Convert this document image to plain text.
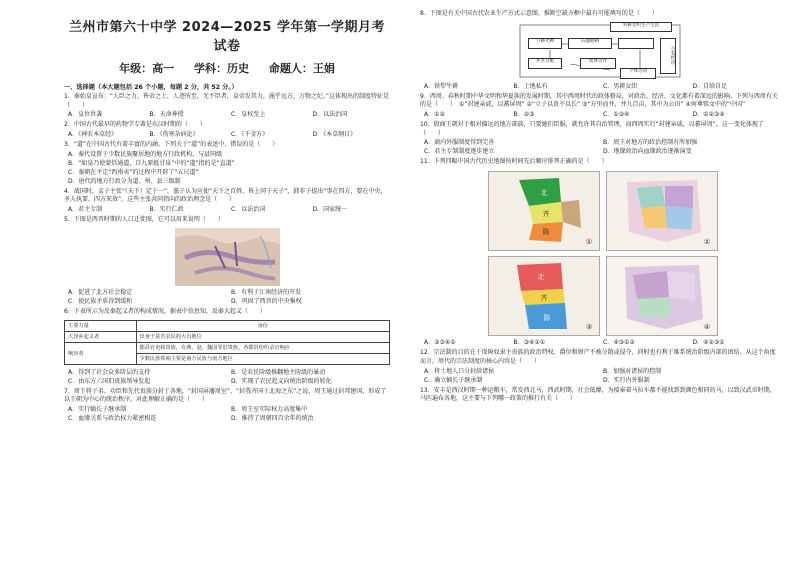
兰州市第六十中学 2024—2025 学年第一学期月考试卷
年级：高一 学科：历史 命题人：王娟
一、选择题（本大题包括 26 个小题，每题 2 分，共 52 分。）
1．秦始皇宣布：“人臣之力，皆帝之土，人迹所至，无不臣者，皇帝发其力，施乎远方，万物之纪。”这体现出的制度特征是（　　）
A．皇位世袭	B．天命神授	C．皇权至上	D．以法治国
2．中国古代最早的药物学专著是东汉时期的（　　）
A．《神农本草经》	B．《伤寒杂病论》	C．《千金方》	D．《本草纲目》
3．“道”在中国古代有着丰富的内涵。下列关于“道”的表述中，错误的是（　　）
A．秦代设置于少数民族聚居地的地方行政机构，与县同级
B．“如皇乃使蒙恬通道，自九原抵甘泉”中的“道”指的是“直道”
C．秦朝在平定“西南夷”的过程中开辟了“五尺道”
D．唐代的地方行政分为道、州、县三级制
4．战国时，孟子主张“（天下）定于一”，墨子认为应使“天下之百姓，皆上同于天子”，韩非子提出“事在四方，要在中央，圣人执要，四方来效”。这些主张共同指向的政治理念是（　　）
A．君主专制	B．实行仁政	C．以法治国	D．国家统一
5．下图是西晋时期的人口迁徙图，它可以用来说明（　　）
A．促进了北方社会稳定	B．有利于江南经济的开发
C．使民族矛盾得到缓和	D．巩固了西晋的中央集权
6．下表所示为反秦起义者的构成情况，据表中信息知，反秦大起义（　　）
主要力量	身份
大泽乡起义者	出身于贫苦农民的大有地位
响应者	郡县官吏和贵族，有燕、赵、魏国等旧贵族，各郡县纷纷杀官响应
	少数民族领袖主要是南方民族与南方地区
A．得到了社会众多阶层的支持	B．是农民阶级推翻地主阶级的暴动
C．由东方六国旧贵族领导发起	D．实现了农民起义向统治阶级的转化
7．周王将子弟、功臣和先代贵族分封于各地，“封国屏藩周室”，“封我齐国于北海之东”之说，周王通过封邦建国，形成了以王朝为中心的统治秩序，对此理解正确的是（　　）
A．实行嫡长子继承制	B．周王室实际权力高度集中
C．血缘关系与政治权力紧密相连	D．推持了周朝四百余年的统治
8．下图是有关中国古代农业生产方式示意图，推断空缺方框中最有可能填写的是（　　）
男耕女织生产生活
刀耕火种	石器锄耕
共享分配	集体劳作
个体劳动
小农经济
A．铁犁牛耕	B．土地私有	C．男耕女织	D．自给自足
9．西周、春秋时期中华文明和华夏族的发展时期，其中西周时代的政体格局，对政治、经济、文化都有着深远的影响。下列与西周有关的是（　　）　①“封建亲戚，以蕃屏周” ②“立子以贵不以长” ③“方里而井，井九百亩，其中为公田” ④何尊铭文中的“中国”
A．①②	B．②③	C．①③④	D．①②③④
10．殷商王朝对于相对偏远的地方部族，只要她们臣服，就允许其自治管理，而西周实行“封建亲戚，以蕃屏周”。这一变化体现了（　　）
A．商内外服制度得到完善	B．周王对地方的政治控制有所加强
C．君主专制制度逐步建立	D．地缘政治向血缘政治逐渐演变
11．下列四幅中国古代历史地图按时间先后顺序排列正确的是（　　）
北
齐
陈
①	②
北
齐
陈
③	④
A．②③④①	B．③④②①	C．④③①②	D．④②③①
12．宗法制的目的在于保障奴隶主贵族的政治特权、爵位和财产不被分散或侵夺，同时也有利于维系统治阶级内部的团结。从这个角度而言，周代的宗法制度的核心内容是（　　）
A．将土地人口分封给诸侯	B．加强对诸侯的控制
C．确立嫡长子继承制	D．实行内外服制
13．安丰是西汉时期一种运粮车，常发西北马，西武时期，社会低靡，为接奉着马拉车都不能找到到颜色相同的马，以致汉武帝时期，马匹遍布各地，这主要与下列哪一政策的推行有关（　　）
